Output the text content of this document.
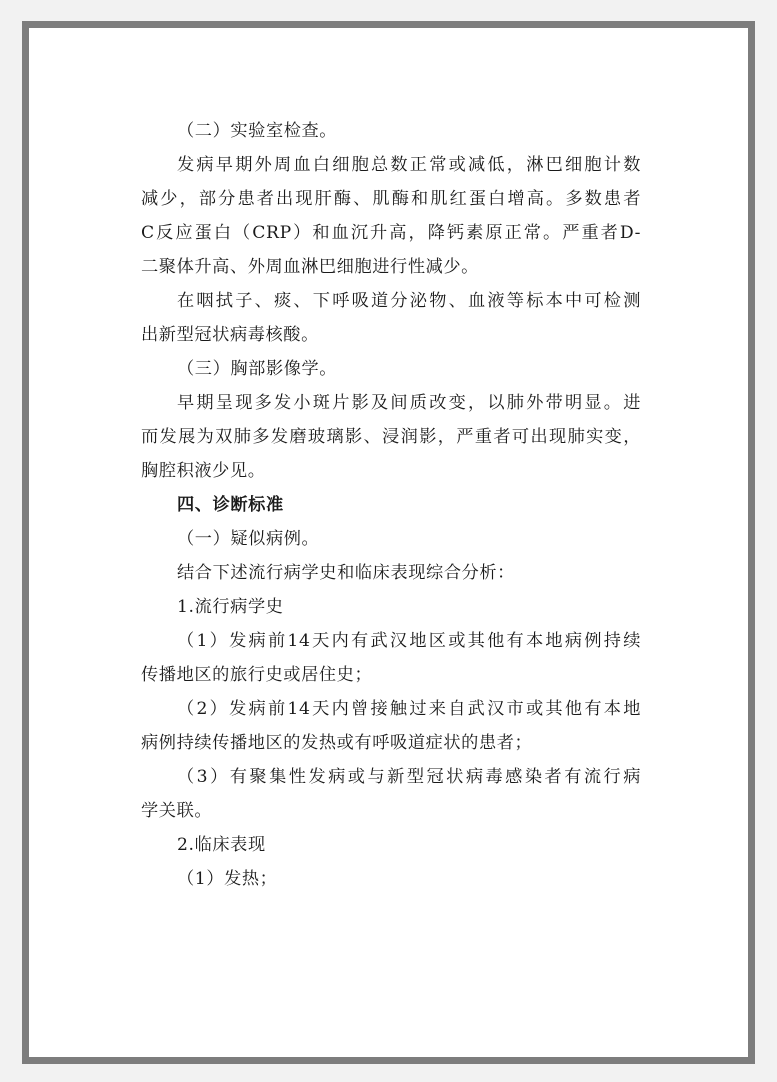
（二）实验室检查。
发病早期外周血白细胞总数正常或减低，淋巴细胞计数
减少，部分患者出现肝酶、肌酶和肌红蛋白增高。多数患者
C反应蛋白（CRP）和血沉升高，降钙素原正常。严重者D-
二聚体升高、外周血淋巴细胞进行性减少。
在咽拭子、痰、下呼吸道分泌物、血液等标本中可检测
出新型冠状病毒核酸。
（三）胸部影像学。
早期呈现多发小斑片影及间质改变，以肺外带明显。进
而发展为双肺多发磨玻璃影、浸润影，严重者可出现肺实变，
胸腔积液少见。
四、诊断标准
（一）疑似病例。
结合下述流行病学史和临床表现综合分析：
1.流行病学史
（1）发病前14天内有武汉地区或其他有本地病例持续
传播地区的旅行史或居住史；
（2）发病前14天内曾接触过来自武汉市或其他有本地
病例持续传播地区的发热或有呼吸道症状的患者；
（3）有聚集性发病或与新型冠状病毒感染者有流行病
学关联。
2.临床表现
（1）发热；
